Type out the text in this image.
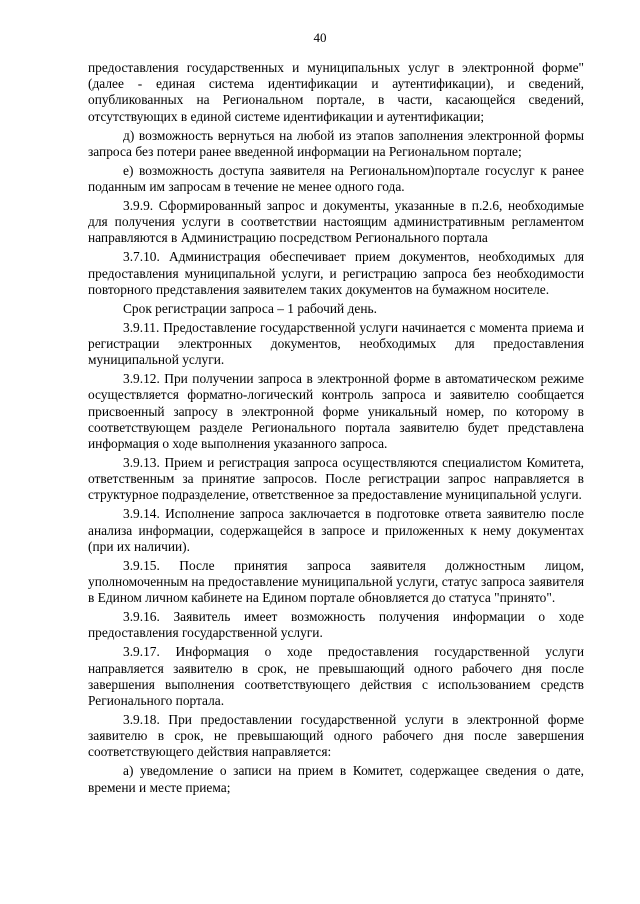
40

предоставления государственных и муниципальных услуг в электронной форме" (далее - единая система идентификации и аутентификации), и сведений, опубликованных на Региональном портале, в части, касающейся сведений, отсутствующих в единой системе идентификации и аутентификации;

д) возможность вернуться на любой из этапов заполнения электронной формы запроса без потери ранее введенной информации на Региональном портале;

е) возможность доступа заявителя на Региональном)портале госуслуг к ранее поданным им запросам в течение не менее одного года.

3.9.9. Сформированный запрос и документы, указанные в п.2.6, необходимые для получения услуги в соответствии настоящим административным регламентом направляются в Администрацию посредством Регионального портала

3.7.10. Администрация обеспечивает прием документов, необходимых для предоставления муниципальной услуги, и регистрацию запроса без необходимости повторного представления заявителем таких документов на бумажном носителе.

Срок регистрации запроса – 1 рабочий день.

3.9.11. Предоставление государственной услуги начинается с момента приема и регистрации электронных документов, необходимых для предоставления муниципальной услуги.

3.9.12. При получении запроса в электронной форме в автоматическом режиме осуществляется форматно-логический контроль запроса и заявителю сообщается присвоенный запросу в электронной форме уникальный номер, по которому в соответствующем разделе Регионального портала заявителю будет представлена информация о ходе выполнения указанного запроса.

3.9.13. Прием и регистрация запроса осуществляются специалистом Комитета, ответственным за принятие запросов. После регистрации запрос направляется в структурное подразделение, ответственное за предоставление муниципальной услуги.

3.9.14. Исполнение запроса заключается в подготовке ответа заявителю после анализа информации, содержащейся в запросе и приложенных к нему документах (при их наличии).

3.9.15. После принятия запроса заявителя должностным лицом, уполномоченным на предоставление муниципальной услуги, статус запроса заявителя в Едином личном кабинете на Едином портале обновляется до статуса "принято".

3.9.16. Заявитель имеет возможность получения информации о ходе предоставления государственной услуги.

3.9.17. Информация о ходе предоставления государственной услуги направляется заявителю в срок, не превышающий одного рабочего дня после завершения выполнения соответствующего действия с использованием средств Регионального портала.

3.9.18. При предоставлении государственной услуги в электронной форме заявителю в срок, не превышающий одного рабочего дня после завершения соответствующего действия направляется:

а) уведомление о записи на прием в Комитет, содержащее сведения о дате, времени и месте приема;
